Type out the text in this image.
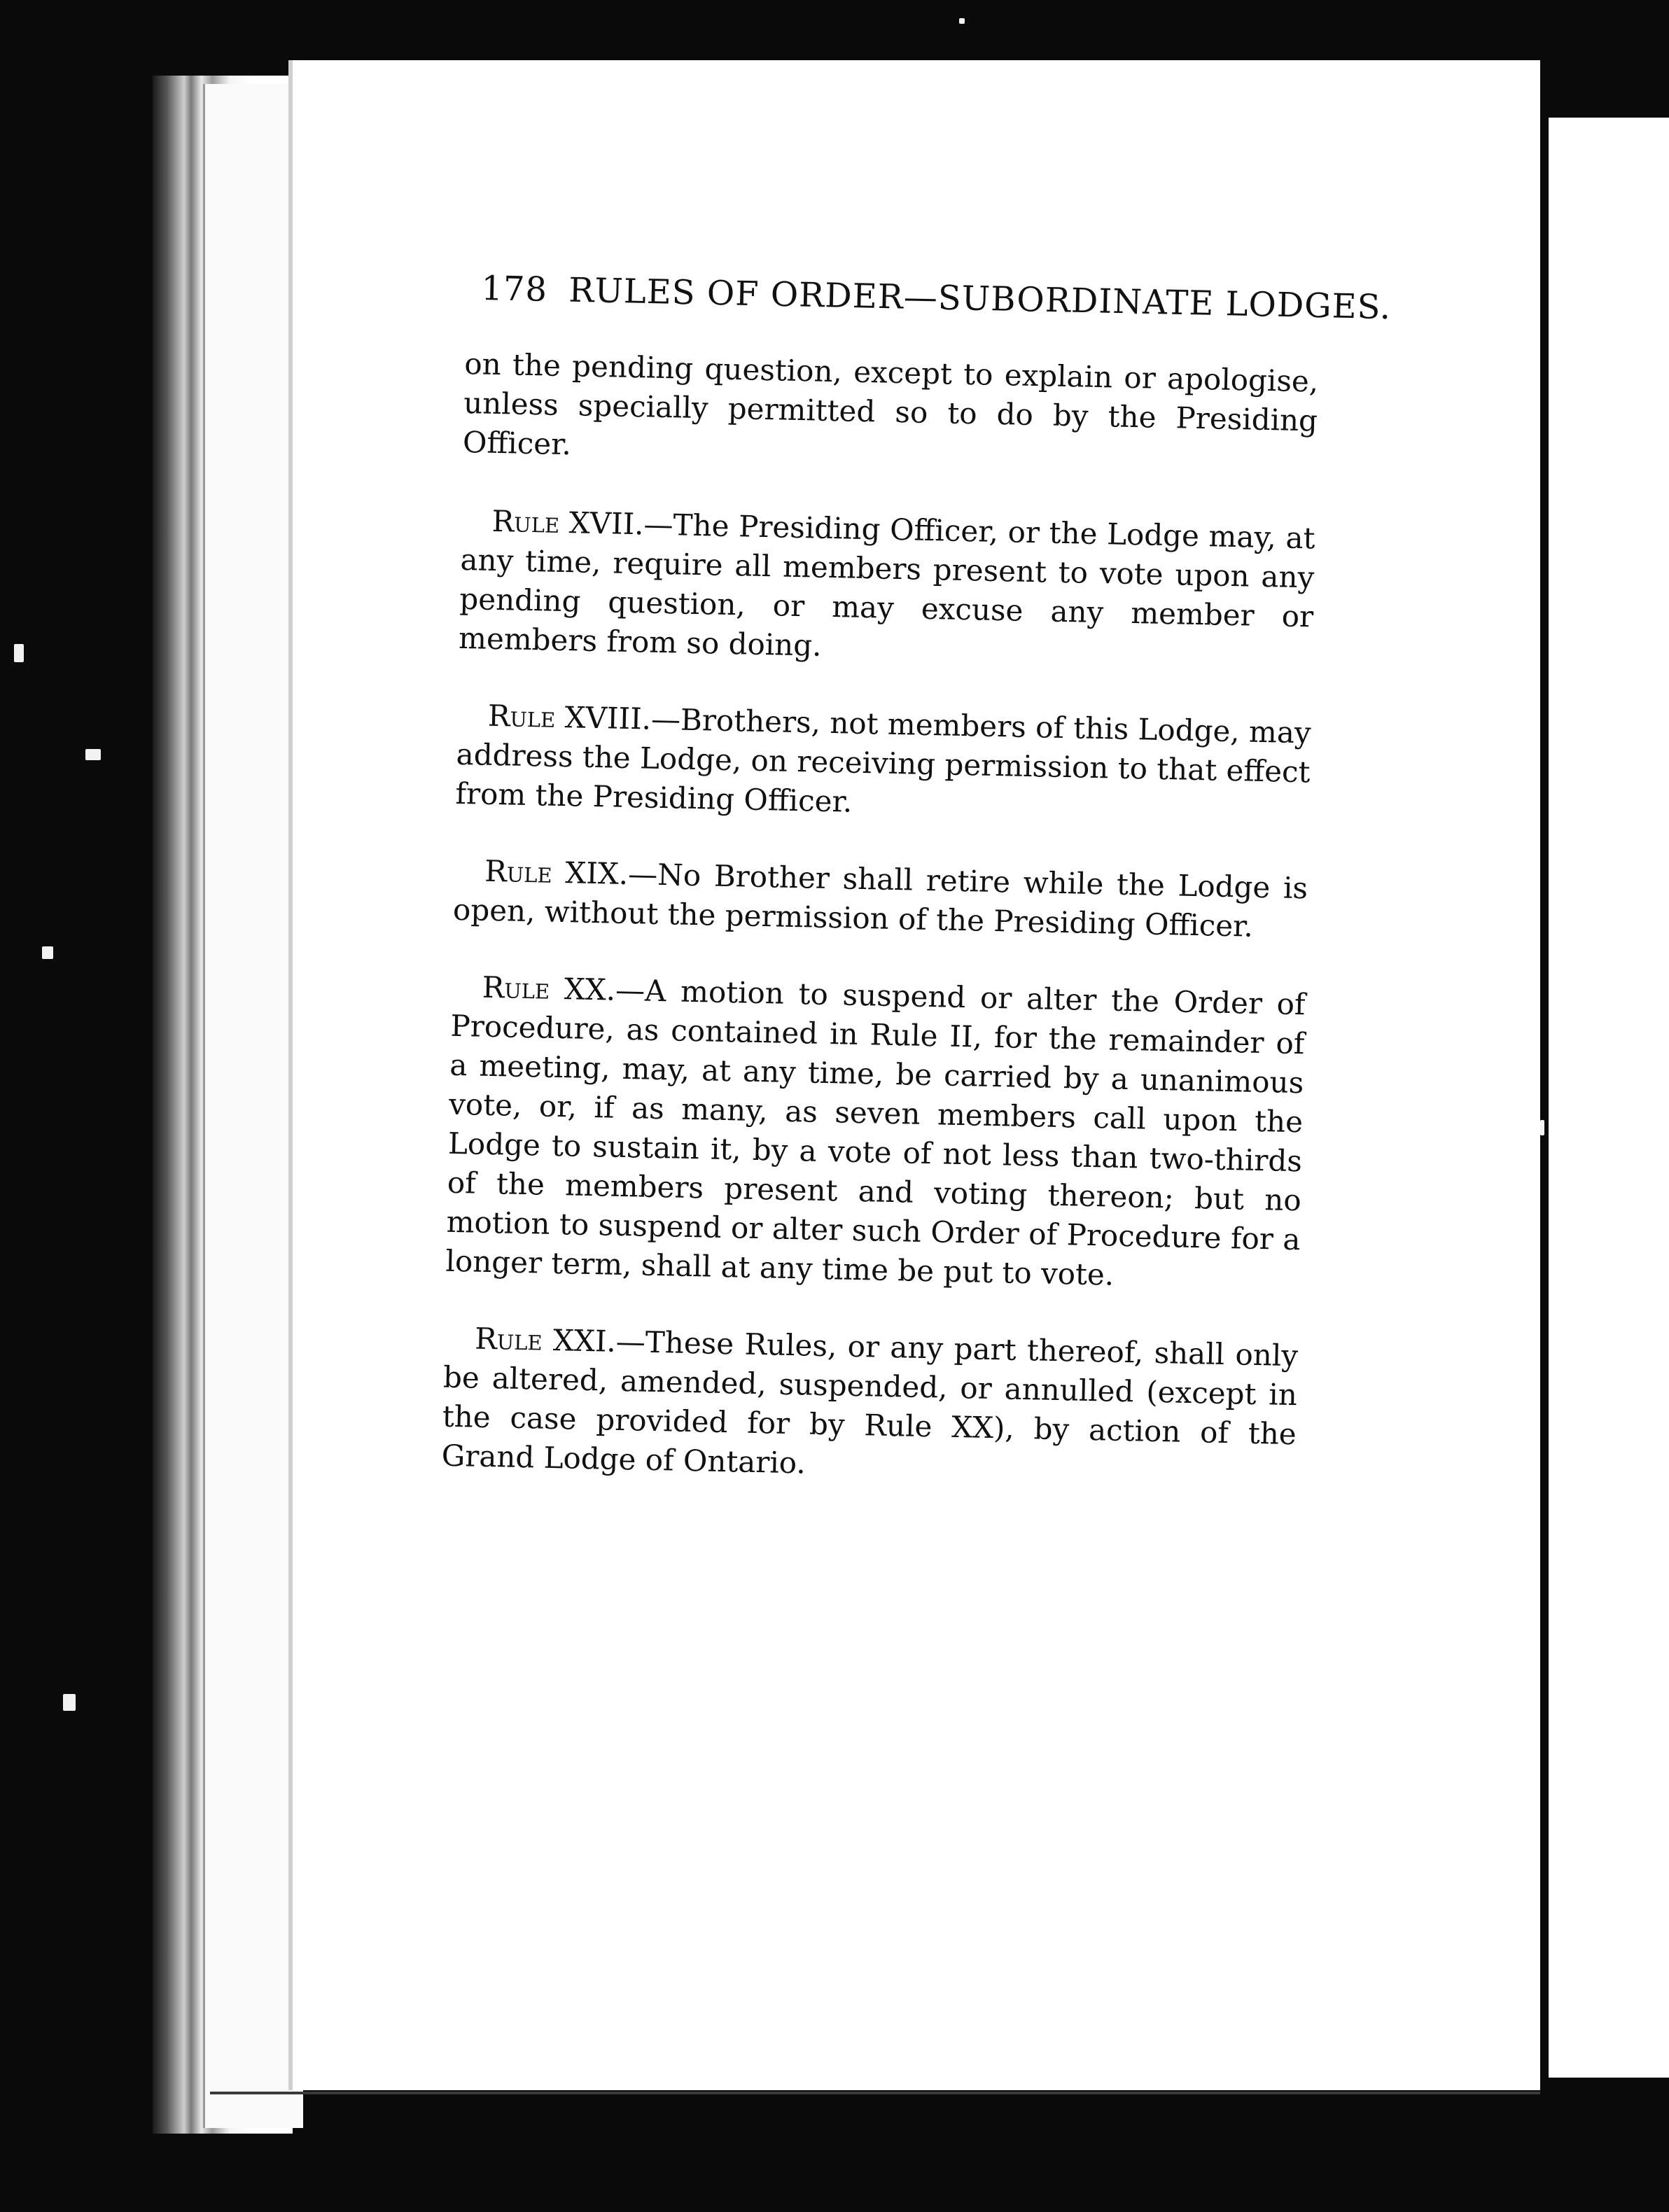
178 RULES OF ORDER—SUBORDINATE LODGES.

on the pending question, except to explain or apologise, unless specially permitted so to do by the Presiding Officer.

Rule XVII.—The Presiding Officer, or the Lodge may, at any time, require all members present to vote upon any pending question, or may excuse any member or members from so doing.

Rule XVIII.—Brothers, not members of this Lodge, may address the Lodge, on receiving permission to that effect from the Presiding Officer.

Rule XIX.—No Brother shall retire while the Lodge is open, without the permission of the Presiding Officer.

Rule XX.—A motion to suspend or alter the Order of Procedure, as contained in Rule II, for the remainder of a meeting, may, at any time, be carried by a unanimous vote, or, if as many, as seven members call upon the Lodge to sustain it, by a vote of not less than two-thirds of the members present and voting thereon; but no motion to suspend or alter such Order of Procedure for a longer term, shall at any time be put to vote.

Rule XXI.—These Rules, or any part thereof, shall only be altered, amended, suspended, or annulled (except in the case provided for by Rule XX), by action of the Grand Lodge of Ontario.
